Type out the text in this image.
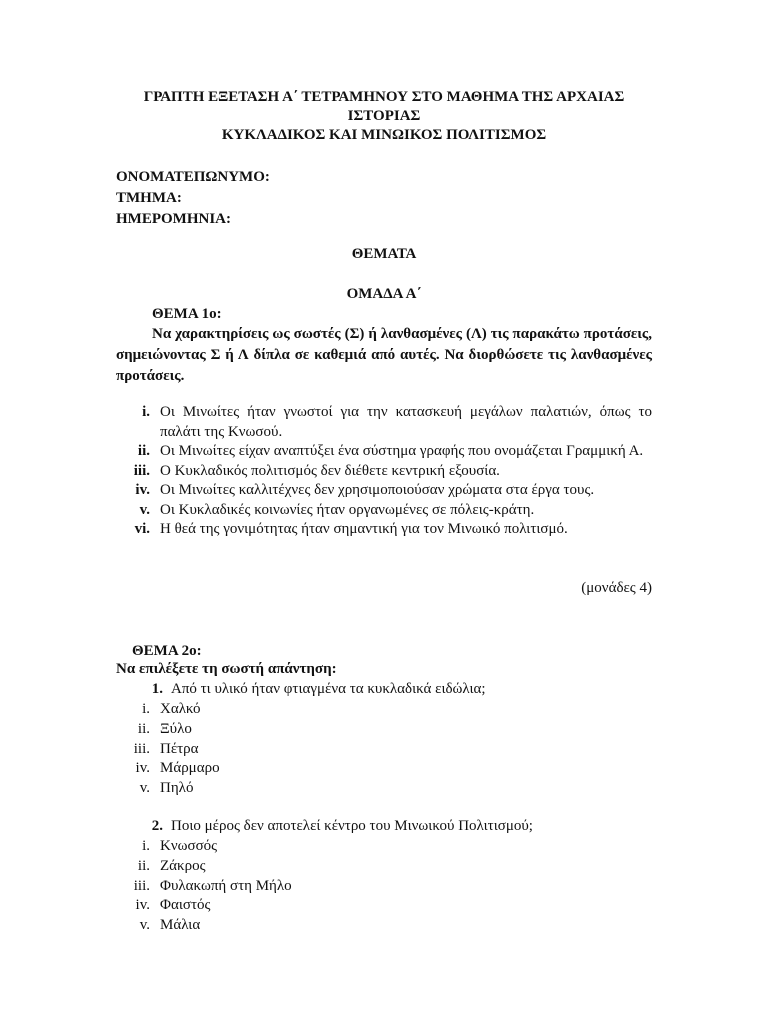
ΓΡΑΠΤΗ ΕΞΕΤΑΣΗ Α΄ ΤΕΤΡΑΜΗΝΟΥ ΣΤΟ ΜΑΘΗΜΑ ΤΗΣ ΑΡΧΑΙΑΣ
ΙΣΤΟΡΙΑΣ
ΚΥΚΛΑΔΙΚΟΣ ΚΑΙ ΜΙΝΩΙΚΟΣ ΠΟΛΙΤΙΣΜΟΣ
ΟΝΟΜΑΤΕΠΩΝΥΜΟ:
ΤΜΗΜΑ:
ΗΜΕΡΟΜΗΝΙΑ:
ΘΕΜΑΤΑ
ΟΜΑΔΑ Α΄
ΘΕΜΑ 1ο:
Να χαρακτηρίσεις ως σωστές (Σ) ή λανθασμένες (Λ) τις παρακάτω προτάσεις, σημειώνοντας Σ ή Λ δίπλα σε καθεμιά από αυτές. Να διορθώσετε τις λανθασμένες προτάσεις.
i. Οι Μινωίτες ήταν γνωστοί για την κατασκευή μεγάλων παλατιών, όπως το παλάτι της Κνωσού.
ii. Οι Μινωίτες είχαν αναπτύξει ένα σύστημα γραφής που ονομάζεται Γραμμική Α.
iii. Ο Κυκλαδικός πολιτισμός δεν διέθετε κεντρική εξουσία.
iv. Οι Μινωίτες καλλιτέχνες δεν χρησιμοποιούσαν χρώματα στα έργα τους.
v. Οι Κυκλαδικές κοινωνίες ήταν οργανωμένες σε πόλεις-κράτη.
vi. Η θεά της γονιμότητας ήταν σημαντική για τον Μινωικό πολιτισμό.
(μονάδες 4)
ΘΕΜΑ 2ο:
Να επιλέξετε τη σωστή απάντηση:
1. Από τι υλικό ήταν φτιαγμένα τα κυκλαδικά ειδώλια;
i. Χαλκό
ii. Ξύλο
iii. Πέτρα
iv. Μάρμαρο
v. Πηλό
2. Ποιο μέρος δεν αποτελεί κέντρο του Μινωικού Πολιτισμού;
i. Κνωσσός
ii. Ζάκρος
iii. Φυλακωπή στη Μήλο
iv. Φαιστός
v. Μάλια
